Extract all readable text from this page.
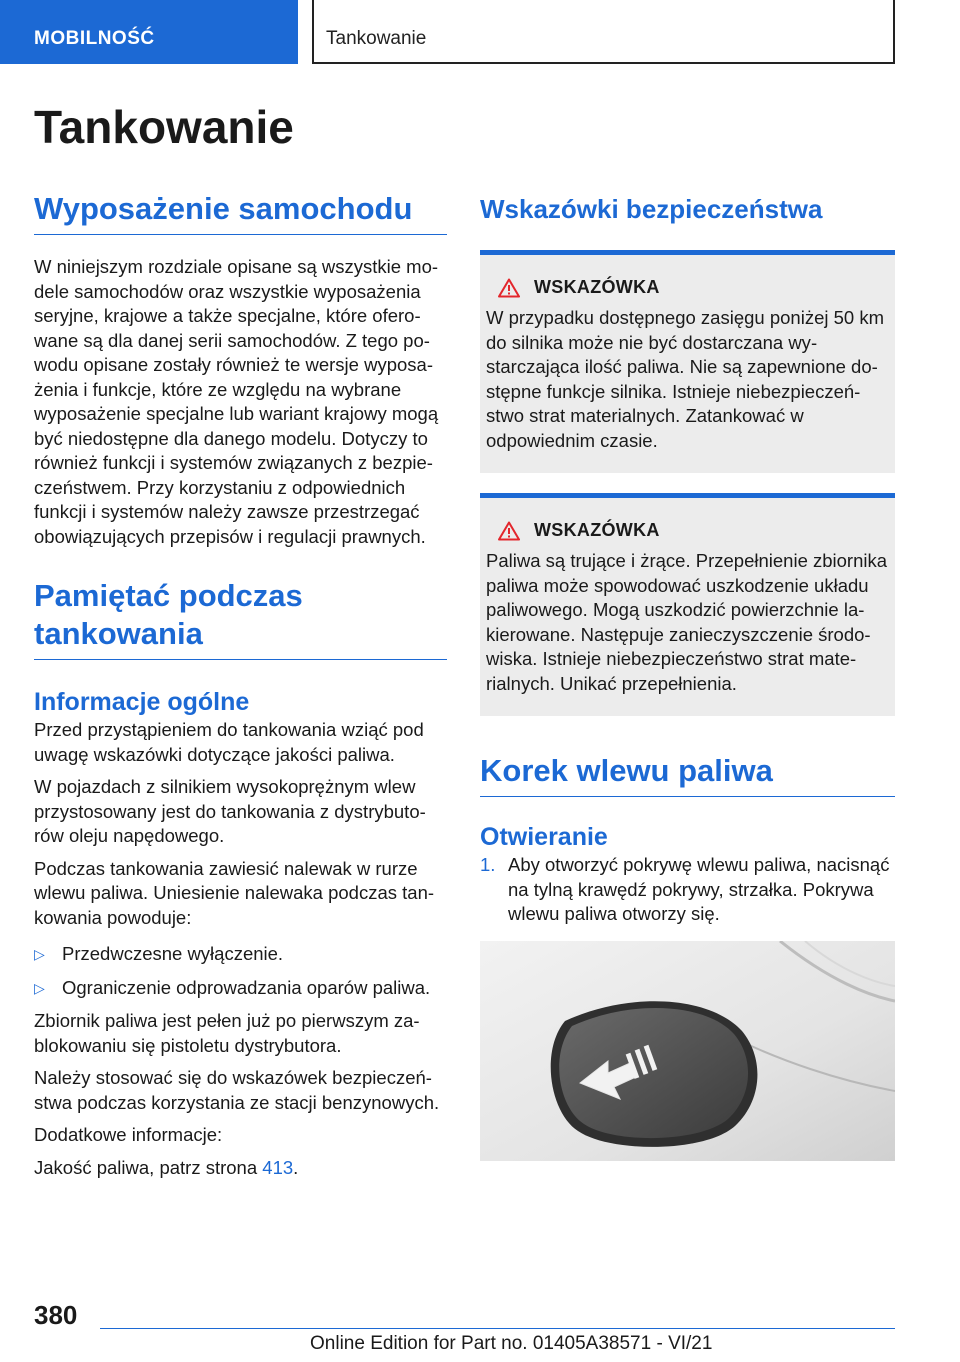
MOBILNOŚĆ	Tankowanie
Tankowanie
Wyposażenie samochodu

W niniejszym rozdziale opisane są wszystkie modele samochodów oraz wszystkie wyposażenia seryjne, krajowe a także specjalne, które oferowane są dla danej serii samochodów. Z tego powodu opisane zostały również te wersje wyposażenia i funkcje, które ze względu na wybrane wyposażenie specjalne lub wariant krajowy mogą być niedostępne dla danego modelu. Dotyczy to również funkcji i systemów związanych z bezpieczeństwem. Przy korzystaniu z odpowiednich funkcji i systemów należy zawsze przestrzegać obowiązujących przepisów i regulacji prawnych.

Pamiętać podczas
tankowania
Informacje ogólne

Przed przystąpieniem do tankowania wziąć pod uwagę wskazówki dotyczące jakości paliwa.

W pojazdach z silnikiem wysokoprężnym wlew przystosowany jest do tankowania z dystrybutorów oleju napędowego.

Podczas tankowania zawiesić nalewak w rurze wlewu paliwa. Uniesienie nalewaka podczas tankowania powoduje:

▷ Przedwczesne wyłączenie.
▷ Ograniczenie odprowadzania oparów paliwa.

Zbiornik paliwa jest pełen już po pierwszym zablokowaniu się pistoletu dystrybutora.

Należy stosować się do wskazówek bezpieczeństwa podczas korzystania ze stacji benzynowych.

Dodatkowe informacje:

Jakość paliwa, patrz strona 413.

Wskazówki bezpieczeństwa
WSKAZÓWKA

W przypadku dostępnego zasięgu poniżej 50 km do silnika może nie być dostarczana wystarczająca ilość paliwa. Nie są zapewnione dostępne funkcje silnika. Istnieje niebezpieczeństwo strat materialnych. Zatankować w odpowiednim czasie.

WSKAZÓWKA

Paliwa są trujące i żrące. Przepełnienie zbiornika paliwa może spowodować uszkodzenie układu paliwowego. Mogą uszkodzić powierzchnie lakierowane. Następuje zanieczyszczenie środowiska. Istnieje niebezpieczeństwo strat materialnych. Unikać przepełnienia.

Korek wlewu paliwa
Otwieranie
1. Aby otworzyć pokrywę wlewu paliwa, nacisnąć na tylną krawędź pokrywy, strzałka. Pokrywa wlewu paliwa otworzy się.
380
Online Edition for Part no. 01405A38571 - VI/21
